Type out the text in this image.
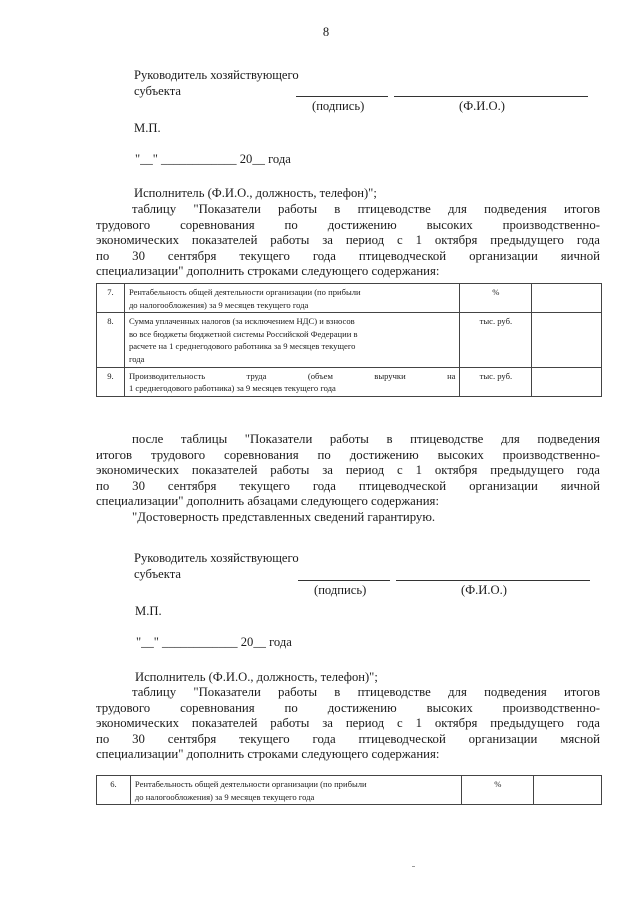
8
Руководитель хозяйствующего
субъекта
(подпись)	(Ф.И.О.)
М.П.
"__" ____________ 20__ года
Исполнитель (Ф.И.О., должность, телефон)";
таблицу "Показатели работы в птицеводстве для подведения итогов
трудового соревнования по достижению высоких производственно-
экономических показателей работы за период с 1 октября предыдущего года
по 30 сентября текущего года птицеводческой организации яичной
специализации" дополнить строками следующего содержания:
7.	Рентабельность общей деятельности организации (по прибыли
до налогообложения) за 9 месяцев текущего года	%	
8.	Сумма уплаченных налогов (за исключением НДС) и взносов
во все бюджеты бюджетной системы Российской Федерации в
расчете на 1 среднегодового работника за 9 месяцев текущего
года	тыс. руб.	
9.	Производительность труда (объем выручки на
1 среднегодового работника) за 9 месяцев текущего года	тыс. руб.	
после таблицы "Показатели работы в птицеводстве для подведения
итогов трудового соревнования по достижению высоких производственно-
экономических показателей работы за период с 1 октября предыдущего года
по 30 сентября текущего года птицеводческой организации яичной
специализации" дополнить абзацами следующего содержания:
"Достоверность представленных сведений гарантирую.
Руководитель хозяйствующего
субъекта
(подпись)	(Ф.И.О.)
М.П.
"__" ____________ 20__ года
Исполнитель (Ф.И.О., должность, телефон)";
таблицу "Показатели работы в птицеводстве для подведения итогов
трудового соревнования по достижению высоких производственно-
экономических показателей работы за период с 1 октября предыдущего года
по 30 сентября текущего года птицеводческой организации мясной
специализации" дополнить строками следующего содержания:
6.	Рентабельность общей деятельности организации (по прибыли
до налогообложения) за 9 месяцев текущего года
	%	
